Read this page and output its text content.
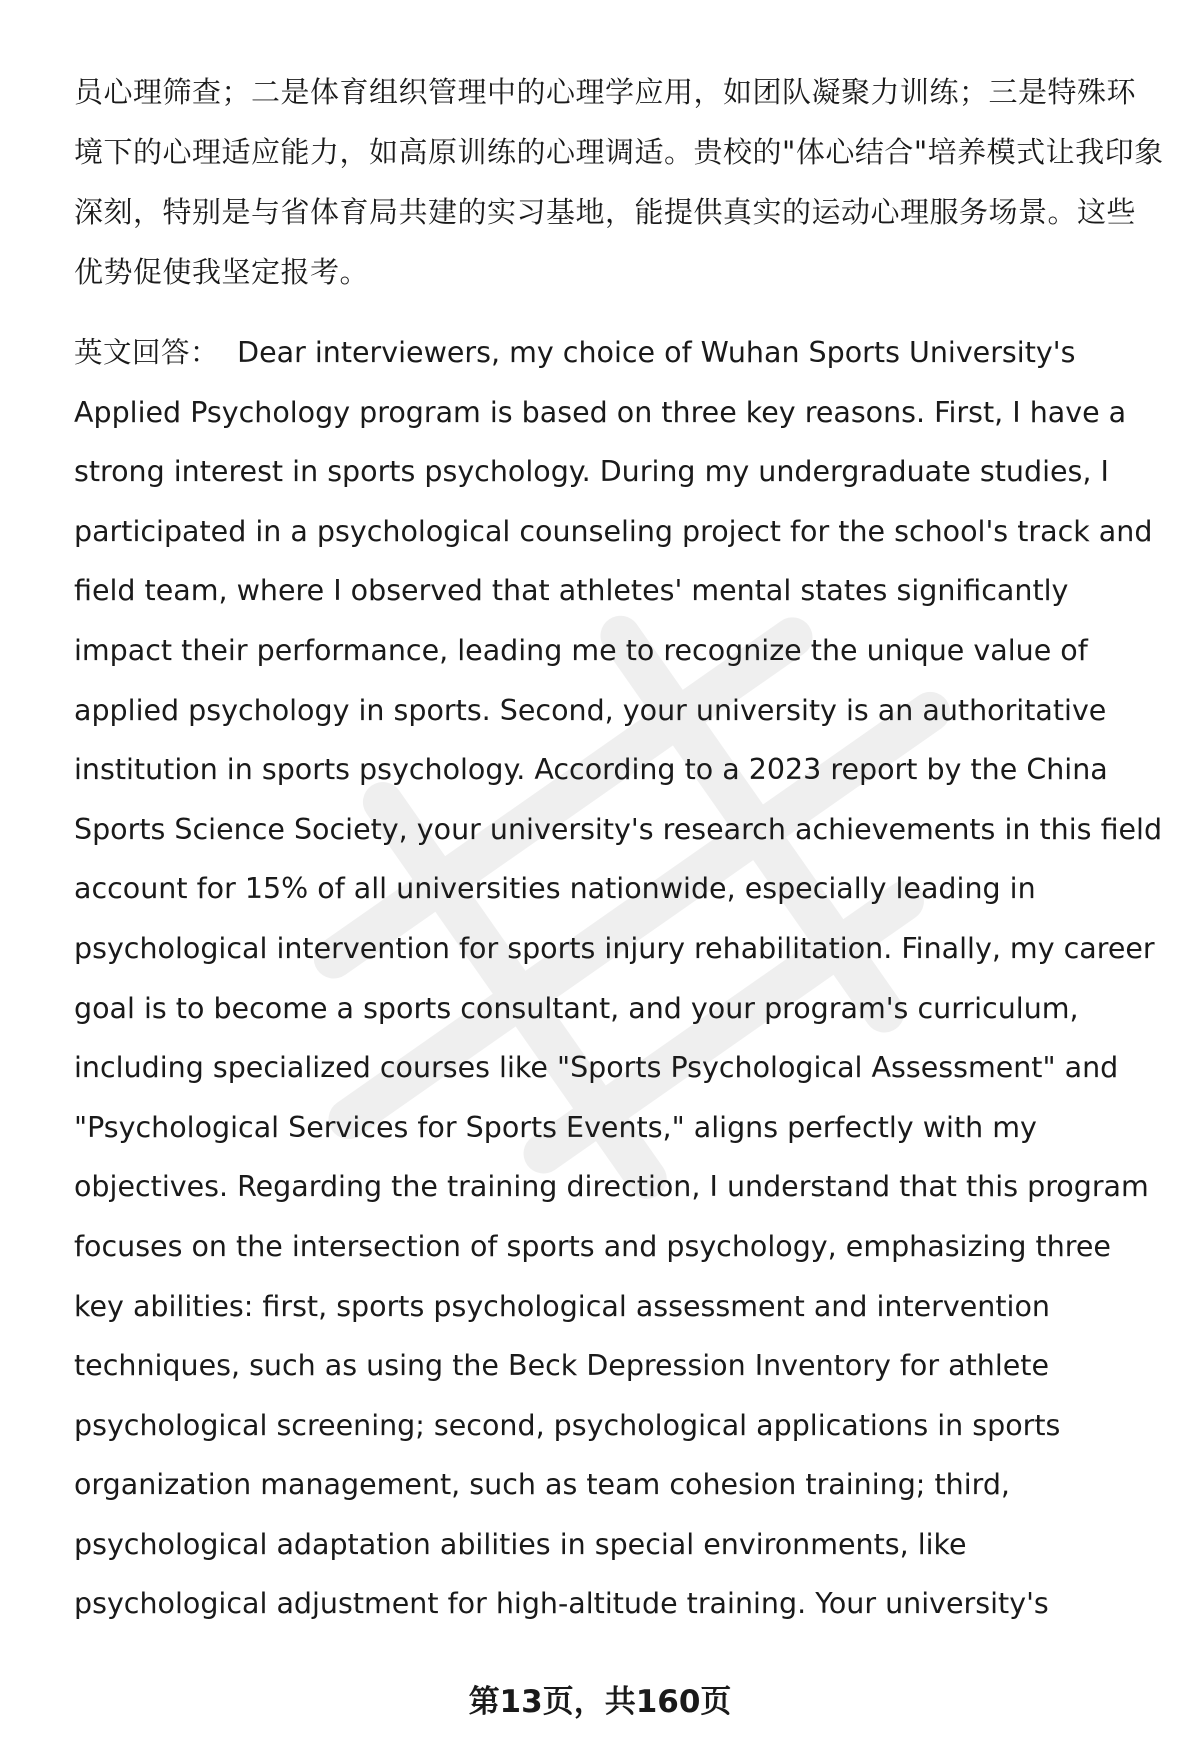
员心理筛查；二是体育组织管理中的心理学应用，如团队凝聚力训练；三是特殊环境下的心理适应能力，如高原训练的心理调适。贵校的"体心结合"培养模式让我印象深刻，特别是与省体育局共建的实习基地，能提供真实的运动心理服务场景。这些优势促使我坚定报考。

英文回答： Dear interviewers, my choice of Wuhan Sports University's Applied Psychology program is based on three key reasons. First, I have a strong interest in sports psychology. During my undergraduate studies, I participated in a psychological counseling project for the school's track and field team, where I observed that athletes' mental states significantly impact their performance, leading me to recognize the unique value of applied psychology in sports. Second, your university is an authoritative institution in sports psychology. According to a 2023 report by the China Sports Science Society, your university's research achievements in this field account for 15% of all universities nationwide, especially leading in psychological intervention for sports injury rehabilitation. Finally, my career goal is to become a sports consultant, and your program's curriculum, including specialized courses like "Sports Psychological Assessment" and "Psychological Services for Sports Events," aligns perfectly with my objectives. Regarding the training direction, I understand that this program focuses on the intersection of sports and psychology, emphasizing three key abilities: first, sports psychological assessment and intervention techniques, such as using the Beck Depression Inventory for athlete psychological screening; second, psychological applications in sports organization management, such as team cohesion training; third, psychological adaptation abilities in special environments, like psychological adjustment for high-altitude training. Your university's

第13页，共160页
